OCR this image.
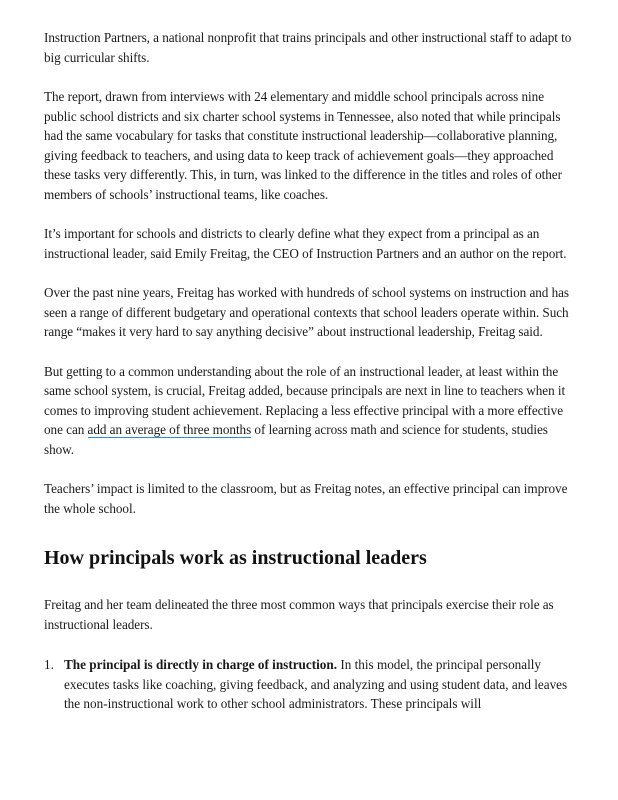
Instruction Partners, a national nonprofit that trains principals and other instructional staff to adapt to big curricular shifts.

The report, drawn from interviews with 24 elementary and middle school principals across nine public school districts and six charter school systems in Tennessee, also noted that while principals had the same vocabulary for tasks that constitute instructional leadership—collaborative planning, giving feedback to teachers, and using data to keep track of achievement goals—they approached these tasks very differently. This, in turn, was linked to the difference in the titles and roles of other members of schools’ instructional teams, like coaches.

It’s important for schools and districts to clearly define what they expect from a principal as an instructional leader, said Emily Freitag, the CEO of Instruction Partners and an author on the report.

Over the past nine years, Freitag has worked with hundreds of school systems on instruction and has seen a range of different budgetary and operational contexts that school leaders operate within. Such range “makes it very hard to say anything decisive” about instructional leadership, Freitag said.

But getting to a common understanding about the role of an instructional leader, at least within the same school system, is crucial, Freitag added, because principals are next in line to teachers when it comes to improving student achievement. Replacing a less effective principal with a more effective one can add an average of three months of learning across math and science for students, studies show.

Teachers’ impact is limited to the classroom, but as Freitag notes, an effective principal can improve the whole school.

How principals work as instructional leaders

Freitag and her team delineated the three most common ways that principals exercise their role as instructional leaders.

1. The principal is directly in charge of instruction. In this model, the principal personally executes tasks like coaching, giving feedback, and analyzing and using student data, and leaves the non-instructional work to other school administrators. These principals will
